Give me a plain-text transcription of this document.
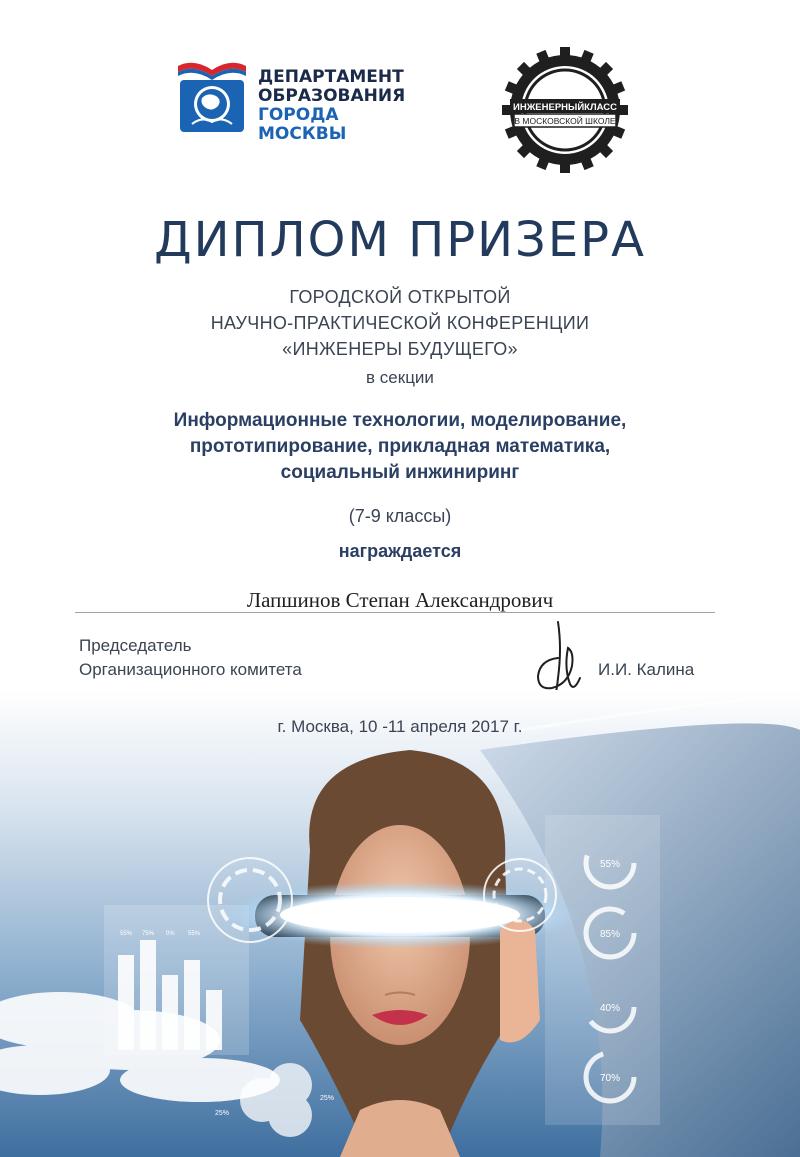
ДЕПАРТАМЕНТ
ОБРАЗОВАНИЯ
ГОРОДА МОСКВЫ
ИНЖЕНЕРНЫЙКЛАСС
В МОСКОВСКОЙ ШКОЛЕ
ДИПЛОМ ПРИЗЕРА
ГОРОДСКОЙ ОТКРЫТОЙ
НАУЧНО-ПРАКТИЧЕСКОЙ КОНФЕРЕНЦИИ
«ИНЖЕНЕРЫ БУДУЩЕГО»
в секции
Информационные технологии, моделирование,
прототипирование, прикладная математика,
социальный инжиниринг
(7-9 классы)
награждается
Лапшинов Степан Александрович
Председатель
Организационного комитета	И.И. Калина
55% 75% 0% 55%
25%
25%
55%
85%
40%
70%
г. Москва, 10 -11 апреля 2017 г.
